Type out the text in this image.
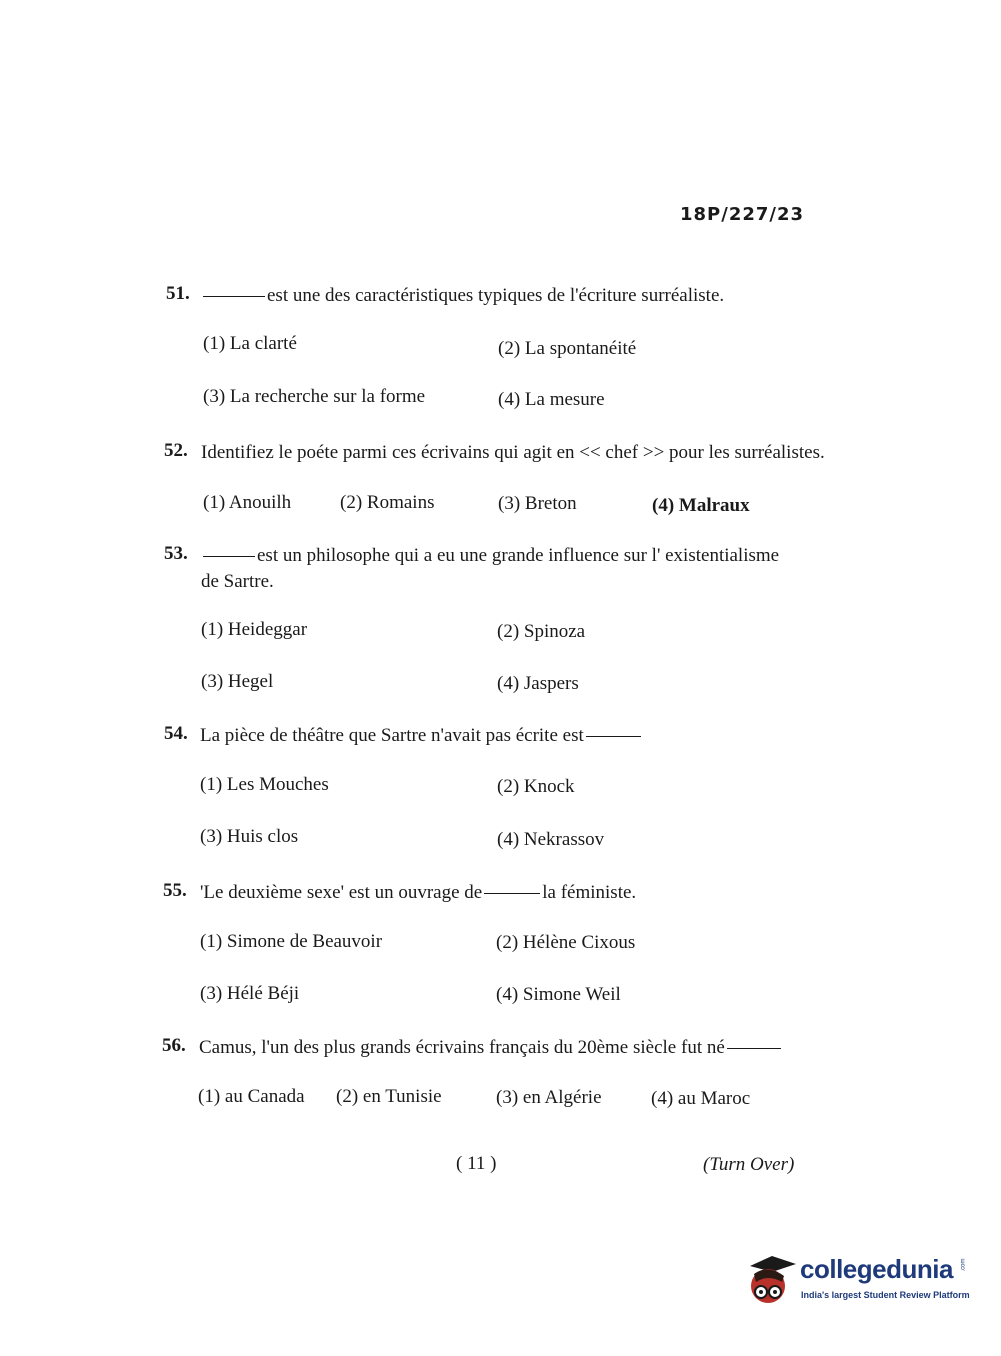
18P/227/23
51.	est une des caractéristiques typiques de l'écriture surréaliste.
(1) La clarté	(2) La spontanéité
(3) La recherche sur la forme	(4) La mesure
52. Identifiez le poéte parmi ces écrivains qui agit en << chef >> pour les surréalistes.
(1) Anouilh	(2) Romains	(3) Breton	(4) Malraux
53.	est un philosophe qui a eu une grande influence sur l' existentialisme de Sartre.
(1) Heideggar	(2) Spinoza
(3) Hegel	(4) Jaspers
54. La pièce de théâtre que Sartre n'avait pas écrite est
(1) Les Mouches	(2) Knock
(3) Huis clos	(4) Nekrassov
55. 'Le deuxième sexe' est un ouvrage de	la féministe.
(1) Simone de Beauvoir	(2) Hélène Cixous
(3) Hélé Béji	(4) Simone Weil
56. Camus, l'un des plus grands écrivains français du 20ème siècle fut né
(1) au Canada (2) en Tunisie	(3) en Algérie	(4) au Maroc
( 11 )	(Turn Over)
collegedunia .com
India's largest Student Review Platform
